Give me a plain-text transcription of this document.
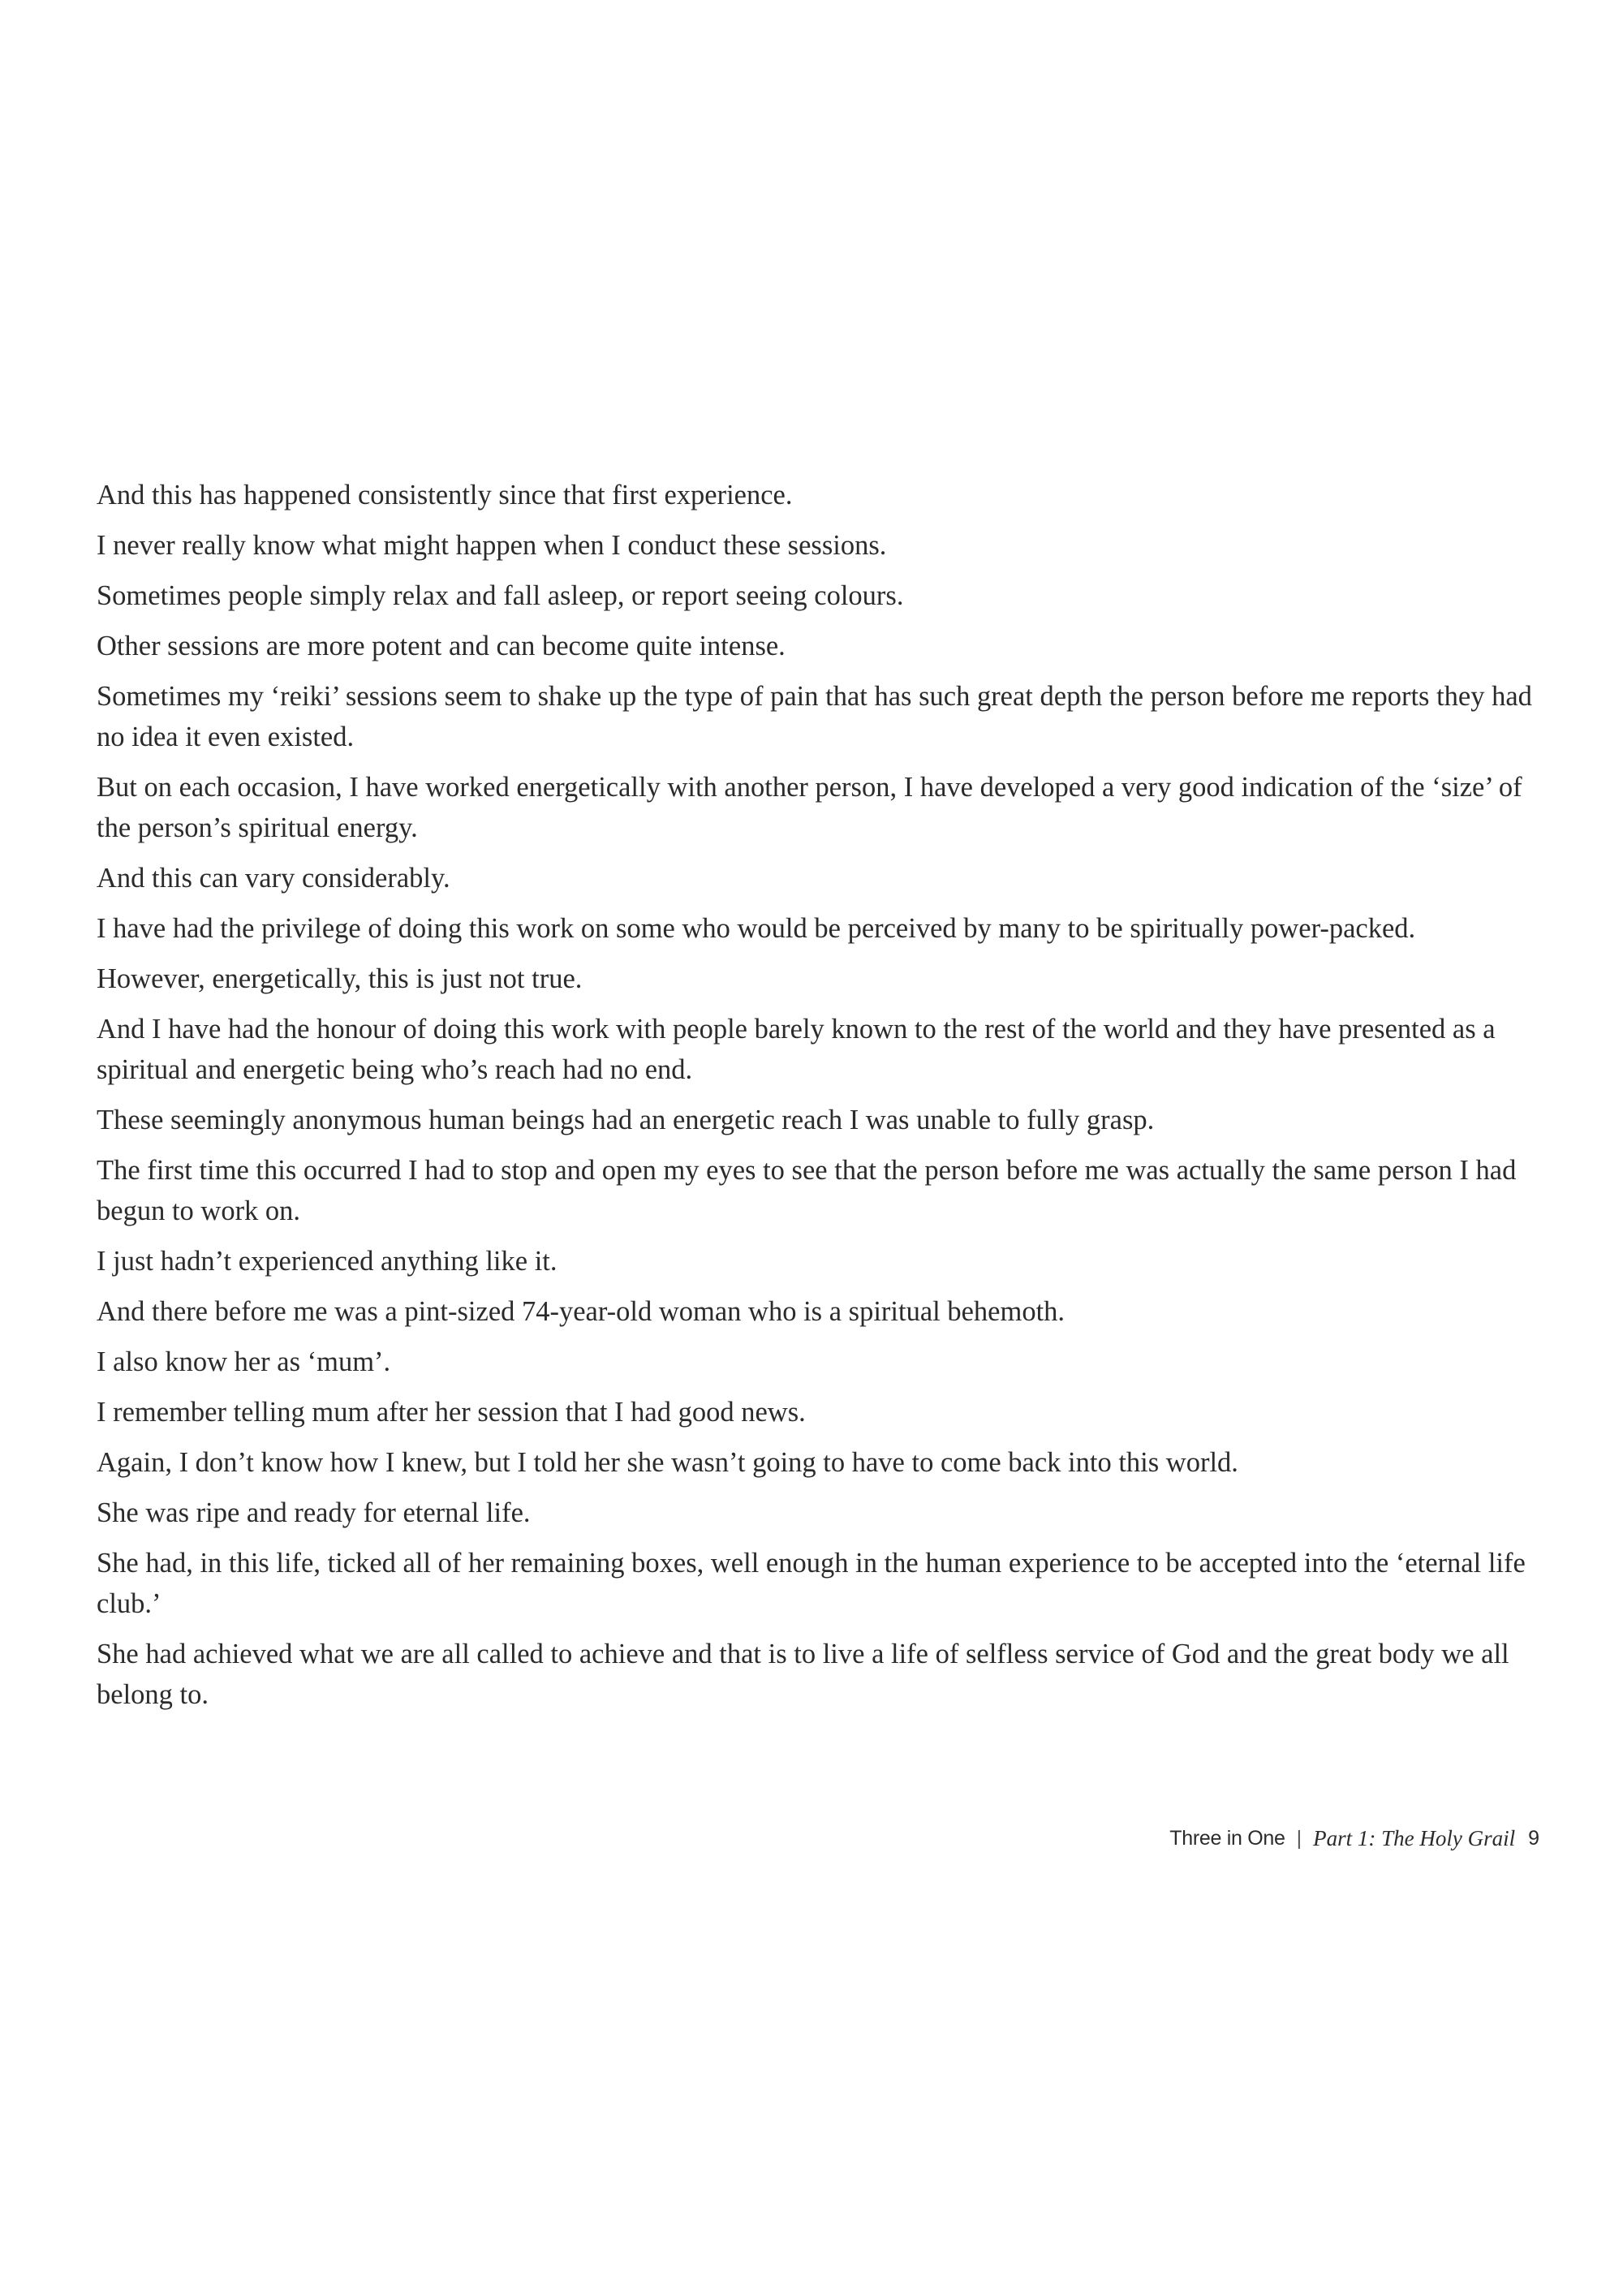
And this has happened consistently since that first experience.

I never really know what might happen when I conduct these sessions.

Sometimes people simply relax and fall asleep, or report seeing colours.

Other sessions are more potent and can become quite intense.

Sometimes my ‘reiki’ sessions seem to shake up the type of pain that has such great depth the person before me reports they had no idea it even existed.

But on each occasion, I have worked energetically with another person, I have developed a very good indication of the ‘size’ of the person’s spiritual energy.

And this can vary considerably.

I have had the privilege of doing this work on some who would be perceived by many to be spiritually power-packed.

However, energetically, this is just not true.

And I have had the honour of doing this work with people barely known to the rest of the world and they have presented as a spiritual and energetic being who’s reach had no end.

These seemingly anonymous human beings had an energetic reach I was unable to fully grasp.

The first time this occurred I had to stop and open my eyes to see that the person before me was actually the same person I had begun to work on.

I just hadn’t experienced anything like it.

And there before me was a pint-sized 74-year-old woman who is a spiritual behemoth.

I also know her as ‘mum’.

I remember telling mum after her session that I had good news.

Again, I don’t know how I knew, but I told her she wasn’t going to have to come back into this world.

She was ripe and ready for eternal life.

She had, in this life, ticked all of her remaining boxes, well enough in the human experience to be accepted into the ‘eternal life club.’

She had achieved what we are all called to achieve and that is to live a life of selfless service of God and the great body we all belong to.

Three in One | Part 1: The Holy Grail 9
